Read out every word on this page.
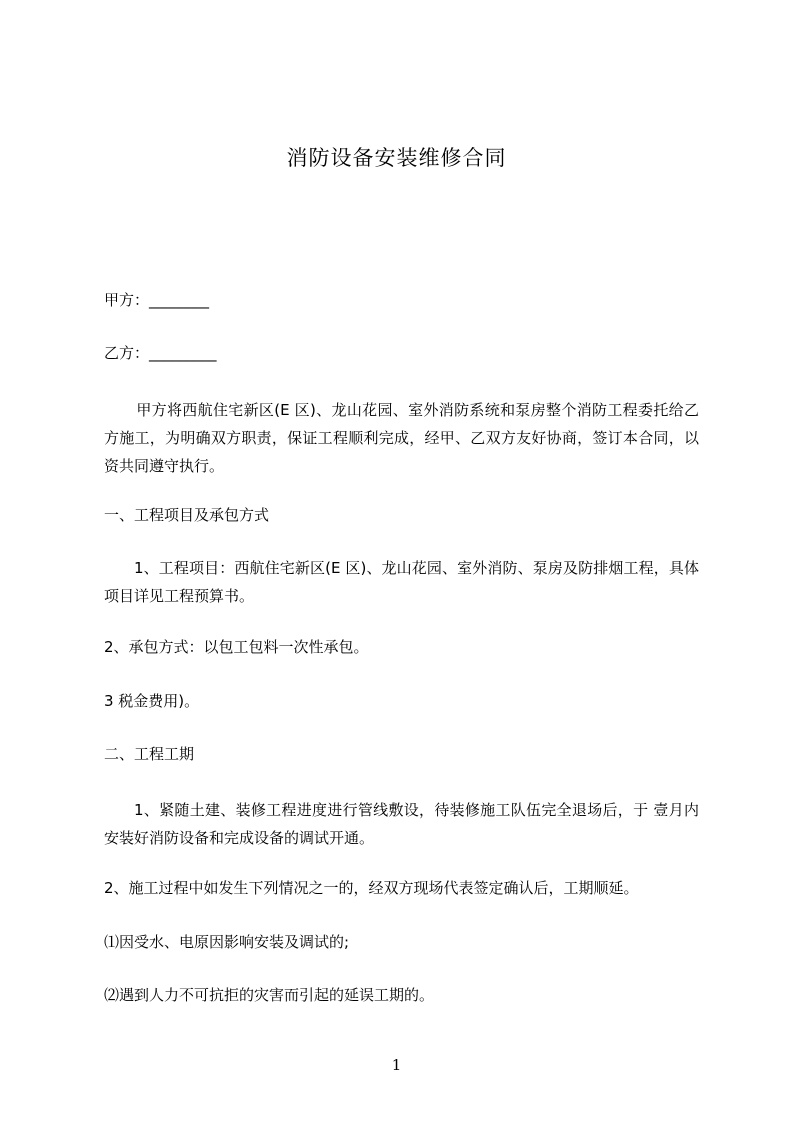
消防设备安装维修合同
甲方：________
乙方：_________
甲方将西航住宅新区(E 区)、龙山花园、室外消防系统和泵房整个消防工程委托给乙方施工，为明确双方职责，保证工程顺利完成，经甲、乙双方友好协商，签订本合同，以资共同遵守执行。
一、工程项目及承包方式
1、工程项目：西航住宅新区(E 区)、龙山花园、室外消防、泵房及防排烟工程，具体项目详见工程预算书。
2、承包方式：以包工包料一次性承包。
3 税金费用)。
二、工程工期
1、紧随土建、装修工程进度进行管线敷设，待装修施工队伍完全退场后，于 壹月内安装好消防设备和完成设备的调试开通。
2、施工过程中如发生下列情况之一的，经双方现场代表签定确认后，工期顺延。
⑴因受水、电原因影响安装及调试的;
⑵遇到人力不可抗拒的灾害而引起的延误工期的。
1
